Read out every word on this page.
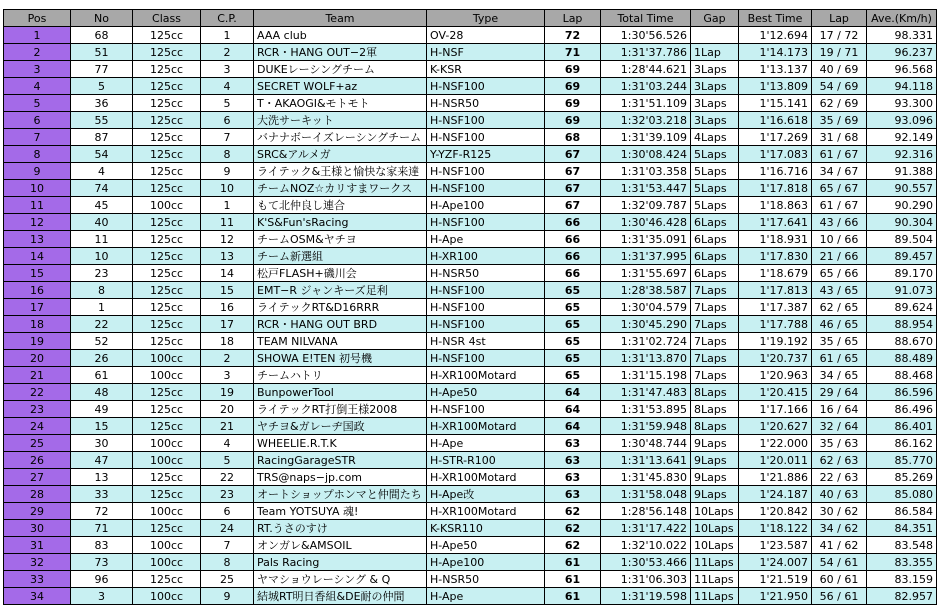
Pos	No	Class	C.P.	Team	Type	Lap	Total Time	Gap	Best Time	Lap	Ave.(Km/h)
1	68	125cc	1	AAA club	OV-28	72	1:30'56.526		1'12.694	17 / 72	98.331
2	51	125cc	2	RCR・HANG OUT−2軍	H-NSF	71	1:31'37.786	1Lap	1'14.173	19 / 71	96.237
3	77	125cc	3	DUKEレーシングチーム	K-KSR	69	1:28'44.621	3Laps	1'13.137	40 / 69	96.568
4	5	125cc	4	SECRET WOLF+az	H-NSF100	69	1:31'03.244	3Laps	1'13.809	54 / 69	94.118
5	36	125cc	5	T・AKAOGI&モトモト	H-NSR50	69	1:31'51.109	3Laps	1'15.141	62 / 69	93.300
6	55	125cc	6	大洗サーキット	H-NSF100	69	1:32'03.218	3Laps	1'16.618	35 / 69	93.096
7	87	125cc	7	バナナボーイズレーシングチーム	H-NSF100	68	1:31'39.109	4Laps	1'17.269	31 / 68	92.149
8	54	125cc	8	SRC&アルメガ	Y-YZF-R125	67	1:30'08.424	5Laps	1'17.083	61 / 67	92.316
9	4	125cc	9	ライテック&王様と愉快な家来達	H-NSF100	67	1:31'03.358	5Laps	1'16.716	34 / 67	91.388
10	74	125cc	10	チームNOZ☆カリすまワークス	H-NSF100	67	1:31'53.447	5Laps	1'17.818	65 / 67	90.557
11	45	100cc	1	もて北仲良し連合	H-Ape100	67	1:32'09.787	5Laps	1'18.863	61 / 67	90.290
12	40	125cc	11	K'S&Fun'sRacing	H-NSF100	66	1:30'46.428	6Laps	1'17.641	43 / 66	90.304
13	11	125cc	12	チームOSM&ヤチヨ	H-Ape	66	1:31'35.091	6Laps	1'18.931	10 / 66	89.504
14	10	125cc	13	チーム新選組	H-XR100	66	1:31'37.995	6Laps	1'17.830	21 / 66	89.457
15	23	125cc	14	松戸FLASH+磯川会	H-NSR50	66	1:31'55.697	6Laps	1'18.679	65 / 66	89.170
16	8	125cc	15	EMT−R ジャンキーズ足利	H-NSF100	65	1:28'38.587	7Laps	1'17.813	43 / 65	91.073
17	1	125cc	16	ライテックRT&D16RRR	H-NSF100	65	1:30'04.579	7Laps	1'17.387	62 / 65	89.624
18	22	125cc	17	RCR・HANG OUT BRD	H-NSF100	65	1:30'45.290	7Laps	1'17.788	46 / 65	88.954
19	52	125cc	18	TEAM NILVANA	H-NSR 4st	65	1:31'02.724	7Laps	1'19.192	35 / 65	88.670
20	26	100cc	2	SHOWA E!TEN 初号機	H-NSF100	65	1:31'13.870	7Laps	1'20.737	61 / 65	88.489
21	61	100cc	3	チームハトリ	H-XR100Motard	65	1:31'15.198	7Laps	1'20.963	34 / 65	88.468
22	48	125cc	19	BunpowerTool	H-Ape50	64	1:31'47.483	8Laps	1'20.415	29 / 64	86.596
23	49	125cc	20	ライテックRT打倒王様2008	H-NSF100	64	1:31'53.895	8Laps	1'17.166	16 / 64	86.496
24	15	125cc	21	ヤチヨ&ガレーヂ国政	H-XR100Motard	64	1:31'59.948	8Laps	1'20.627	32 / 64	86.401
25	30	100cc	4	WHEELIE.R.T.K	H-Ape	63	1:30'48.744	9Laps	1'22.000	35 / 63	86.162
26	47	100cc	5	RacingGarageSTR	H-STR-R100	63	1:31'13.641	9Laps	1'20.011	62 / 63	85.770
27	13	125cc	22	TRS@naps−jp.com	H-XR100Motard	63	1:31'45.830	9Laps	1'21.886	22 / 63	85.269
28	33	125cc	23	オートショップホンマと仲間たち	H-Ape改	63	1:31'58.048	9Laps	1'24.187	40 / 63	85.080
29	72	100cc	6	Team YOTSUYA 魂!	H-XR100Motard	62	1:28'56.148	10Laps	1'20.842	30 / 62	86.584
30	71	125cc	24	RT.うさのすけ	K-KSR110	62	1:31'17.422	10Laps	1'18.122	34 / 62	84.351
31	83	100cc	7	オンガレ&AMSOIL	H-Ape50	62	1:32'10.022	10Laps	1'23.587	41 / 62	83.548
32	73	100cc	8	Pals Racing	H-Ape100	61	1:30'53.466	11Laps	1'24.007	54 / 61	83.355
33	96	125cc	25	ヤマショウレーシング & Q	H-NSR50	61	1:31'06.303	11Laps	1'21.519	60 / 61	83.159
34	3	100cc	9	結城RT明日香組&DE耐の仲間	H-Ape	61	1:31'19.598	11Laps	1'21.950	56 / 61	82.957
